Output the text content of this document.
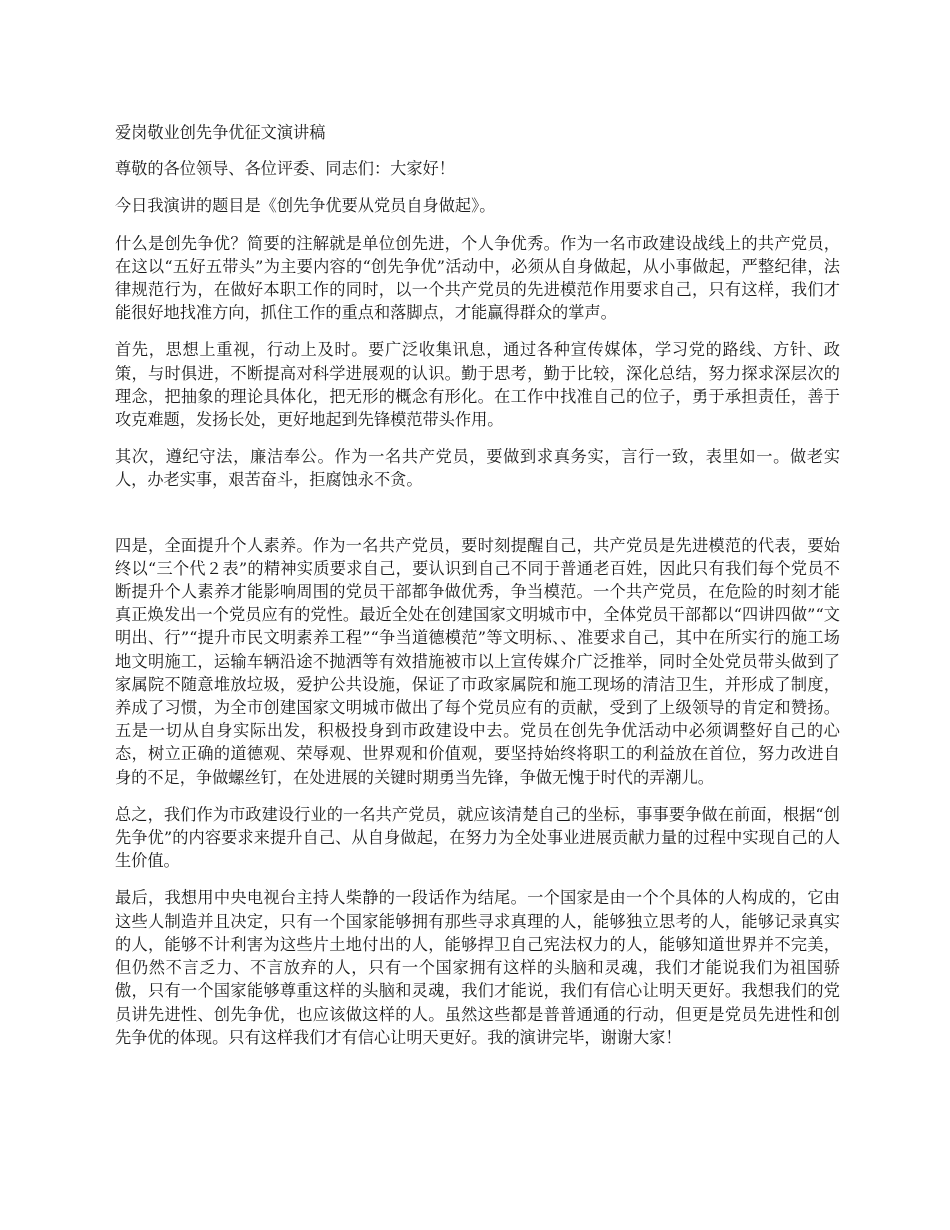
爱岗敬业创先争优征文演讲稿

尊敬的各位领导、各位评委、同志们：大家好！

今日我演讲的题目是《创先争优要从党员自身做起》。

什么是创先争优？简要的注解就是单位创先进，个人争优秀。作为一名市政建设战线上的共产党员，在这以“五好五带头”为主要内容的“创先争优”活动中，必须从自身做起，从小事做起，严整纪律，法律规范行为，在做好本职工作的同时，以一个共产党员的先进模范作用要求自己，只有这样，我们才能很好地找准方向，抓住工作的重点和落脚点，才能赢得群众的掌声。

首先，思想上重视，行动上及时。要广泛收集讯息，通过各种宣传媒体，学习党的路线、方针、政策，与时俱进，不断提高对科学进展观的认识。勤于思考，勤于比较，深化总结，努力探求深层次的理念，把抽象的理论具体化，把无形的概念有形化。在工作中找准自己的位子，勇于承担责任，善于攻克难题，发扬长处，更好地起到先锋模范带头作用。

其次，遵纪守法，廉洁奉公。作为一名共产党员，要做到求真务实，言行一致，表里如一。做老实人，办老实事，艰苦奋斗，拒腐蚀永不贪。

四是，全面提升个人素养。作为一名共产党员，要时刻提醒自己，共产党员是先进模范的代表，要始终以“三个代２表”的精神实质要求自己，要认识到自己不同于普通老百姓，因此只有我们每个党员不断提升个人素养才能影响周围的党员干部都争做优秀，争当模范。一个共产党员，在危险的时刻才能真正焕发出一个党员应有的党性。最近全处在创建国家文明城市中，全体党员干部都以“四讲四做”“文明出、行”“提升市民文明素养工程”“争当道德模范”等文明标、、准要求自己，其中在所实行的施工场地文明施工，运输车辆沿途不抛洒等有效措施被市以上宣传媒介广泛推举，同时全处党员带头做到了家属院不随意堆放垃圾，爱护公共设施，保证了市政家属院和施工现场的清洁卫生，并形成了制度，养成了习惯，为全市创建国家文明城市做出了每个党员应有的贡献，受到了上级领导的肯定和赞扬。五是一切从自身实际出发，积极投身到市政建设中去。党员在创先争优活动中必须调整好自己的心态，树立正确的道德观、荣辱观、世界观和价值观，要坚持始终将职工的利益放在首位，努力改进自身的不足，争做螺丝钉，在处进展的关键时期勇当先锋，争做无愧于时代的弄潮儿。

总之，我们作为市政建设行业的一名共产党员，就应该清楚自己的坐标，事事要争做在前面，根据“创先争优”的内容要求来提升自己、从自身做起，在努力为全处事业进展贡献力量的过程中实现自己的人生价值。

最后，我想用中央电视台主持人柴静的一段话作为结尾。一个国家是由一个个具体的人构成的，它由这些人制造并且决定，只有一个国家能够拥有那些寻求真理的人，能够独立思考的人，能够记录真实的人，能够不计利害为这些片土地付出的人，能够捍卫自己宪法权力的人，能够知道世界并不完美，但仍然不言乏力、不言放弃的人，只有一个国家拥有这样的头脑和灵魂，我们才能说我们为祖国骄傲，只有一个国家能够尊重这样的头脑和灵魂，我们才能说，我们有信心让明天更好。我想我们的党员讲先进性、创先争优，也应该做这样的人。虽然这些都是普普通通的行动，但更是党员先进性和创先争优的体现。只有这样我们才有信心让明天更好。我的演讲完毕，谢谢大家！
